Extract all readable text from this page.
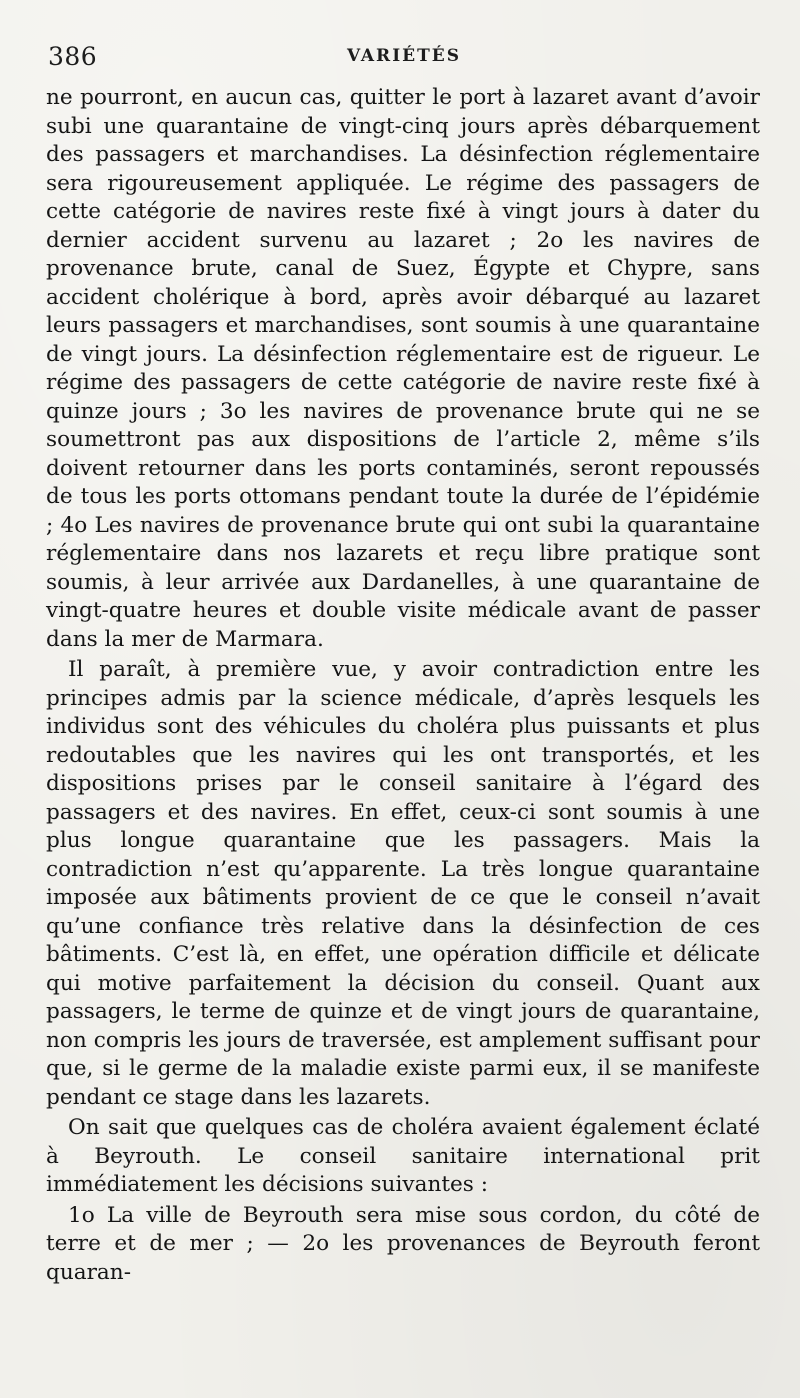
386	VARIÉTÉS

ne pourront, en aucun cas, quitter le port à lazaret avant d’avoir subi une quarantaine de vingt-cinq jours après débarquement des passagers et marchandises. La désinfection réglementaire sera rigoureusement appliquée. Le régime des passagers de cette catégorie de navires reste fixé à vingt jours à dater du dernier accident survenu au lazaret ; 2o les navires de provenance brute, canal de Suez, Égypte et Chypre, sans accident cholérique à bord, après avoir débarqué au lazaret leurs passagers et marchandises, sont soumis à une quarantaine de vingt jours. La désinfection réglementaire est de rigueur. Le régime des passagers de cette catégorie de navire reste fixé à quinze jours ; 3o les navires de provenance brute qui ne se soumettront pas aux dispositions de l’article 2, même s’ils doivent retourner dans les ports contaminés, seront repoussés de tous les ports ottomans pendant toute la durée de l’épidémie ; 4o Les navires de provenance brute qui ont subi la quarantaine réglementaire dans nos lazarets et reçu libre pratique sont soumis, à leur arrivée aux Dardanelles, à une quarantaine de vingt-quatre heures et double visite médicale avant de passer dans la mer de Marmara.

Il paraît, à première vue, y avoir contradiction entre les principes admis par la science médicale, d’après lesquels les individus sont des véhicules du choléra plus puissants et plus redoutables que les navires qui les ont transportés, et les dispositions prises par le conseil sanitaire à l’égard des passagers et des navires. En effet, ceux-ci sont soumis à une plus longue quarantaine que les passagers. Mais la contradiction n’est qu’apparente. La très longue quarantaine imposée aux bâtiments provient de ce que le conseil n’avait qu’une confiance très relative dans la désinfection de ces bâtiments. C’est là, en effet, une opération difficile et délicate qui motive parfaitement la décision du conseil. Quant aux passagers, le terme de quinze et de vingt jours de quarantaine, non compris les jours de traversée, est amplement suffisant pour que, si le germe de la maladie existe parmi eux, il se manifeste pendant ce stage dans les lazarets.

On sait que quelques cas de choléra avaient également éclaté à Beyrouth. Le conseil sanitaire international prit immédiatement les décisions suivantes :

1o La ville de Beyrouth sera mise sous cordon, du côté de terre et de mer ; — 2o les provenances de Beyrouth feront quaran-
